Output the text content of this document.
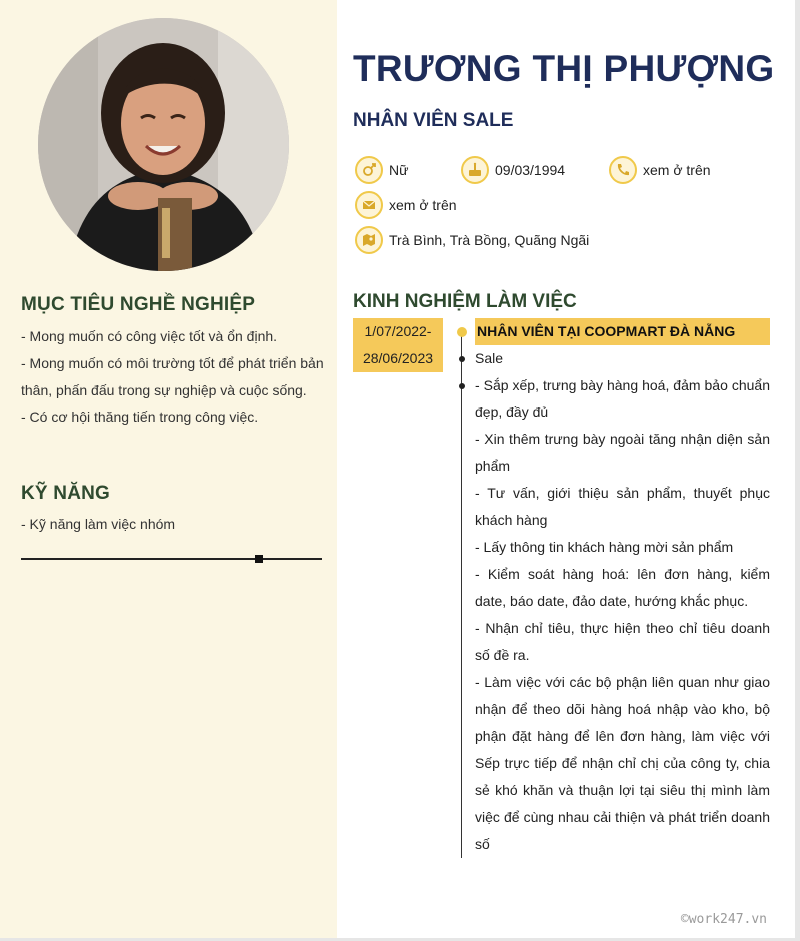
MỤC TIÊU NGHỀ NGHIỆP

- Mong muốn có công việc tốt và ổn định.

- Mong muốn có môi trường tốt để phát triển bản thân, phấn đấu trong sự nghiệp và cuộc sống.

- Có cơ hội thăng tiến trong công việc.

KỸ NĂNG
- Kỹ năng làm việc nhóm
TRƯƠNG THỊ PHƯỢNG
NHÂN VIÊN SALE
Nữ	09/03/1994	xem ở trên
xem ở trên
Trà Bình, Trà Bồng, Quãng Ngãi
KINH NGHIỆM LÀM VIỆC
1/07/2022-
28/06/2023
NHÂN VIÊN TẠI COOPMART ĐÀ NẴNG
Sale

- Sắp xếp, trưng bày hàng hoá, đảm bảo chuẩn đẹp, đầy đủ

- Xin thêm trưng bày ngoài tăng nhận diện sản phẩm

- Tư vấn, giới thiệu sản phẩm, thuyết phục khách hàng

- Lấy thông tin khách hàng mời sản phẩm

- Kiểm soát hàng hoá: lên đơn hàng, kiểm date, báo date, đảo date, hướng khắc phục.

- Nhận chỉ tiêu, thực hiện theo chỉ tiêu doanh số đề ra.

- Làm việc với các bộ phận liên quan như giao nhận để theo dõi hàng hoá nhập vào kho, bộ phận đặt hàng để lên đơn hàng, làm việc với Sếp trực tiếp để nhận chỉ chị của công ty, chia sẻ khó khăn và thuận lợi tại siêu thị mình làm việc để cùng nhau cải thiện và phát triển doanh số

©work247.vn
